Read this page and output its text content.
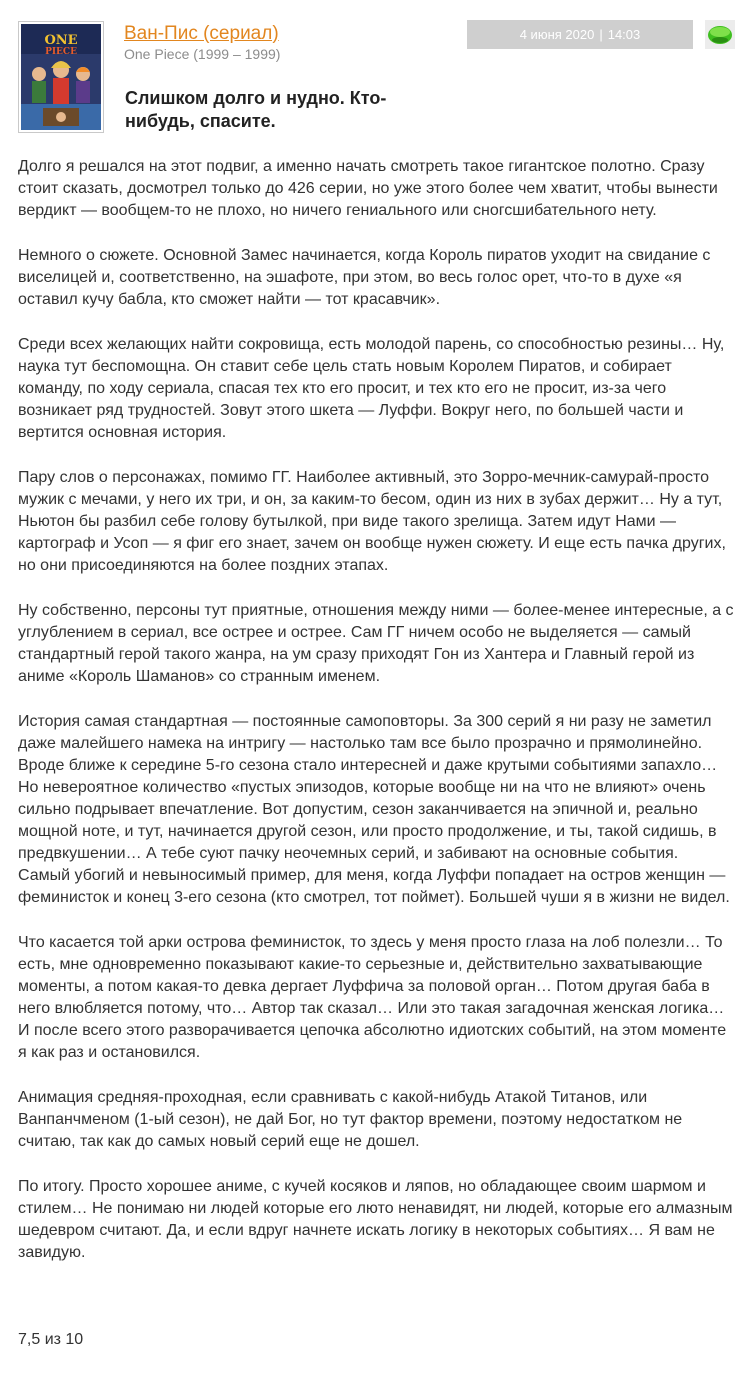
ONE
PIECE
Ван-Пис (сериал)
One Piece (1999 – 1999)
4 июня 2020 | 14:03
Слишком долго и нудно. Кто-нибудь, спасите.

Долго я решался на этот подвиг, а именно начать смотреть такое гигантское полотно. Сразу стоит сказать, досмотрел только до 426 серии, но уже этого более чем хватит, чтобы вынести вердикт — вообщем-то не плохо, но ничего гениального или сногсшибательного нету.

Немного о сюжете. Основной Замес начинается, когда Король пиратов уходит на свидание с виселицей и, соответственно, на эшафоте, при этом, во весь голос орет, что-то в духе «я оставил кучу бабла, кто сможет найти — тот красавчик».

Среди всех желающих найти сокровища, есть молодой парень, со способностью резины… Ну, наука тут беспомощна. Он ставит себе цель стать новым Королем Пиратов, и собирает команду, по ходу сериала, спасая тех кто его просит, и тех кто его не просит, из-за чего возникает ряд трудностей. Зовут этого шкета — Луффи. Вокруг него, по большей части и вертится основная история.

Пару слов о персонажах, помимо ГГ. Наиболее активный, это Зорро-мечник-самурай-просто мужик с мечами, у него их три, и он, за каким-то бесом, один из них в зубах держит… Ну а тут, Ньютон бы разбил себе голову бутылкой, при виде такого зрелища. Затем идут Нами — картограф и Усоп — я фиг его знает, зачем он вообще нужен сюжету. И еще есть пачка других, но они присоединяются на более поздних этапах.

Ну собственно, персоны тут приятные, отношения между ними — более-менее интересные, а с углублением в сериал, все острее и острее. Сам ГГ ничем особо не выделяется — самый стандартный герой такого жанра, на ум сразу приходят Гон из Хантера и Главный герой из аниме «Король Шаманов» со странным именем.

История самая стандартная — постоянные самоповторы. За 300 серий я ни разу не заметил даже малейшего намека на интригу — настолько там все было прозрачно и прямолинейно. Вроде ближе к середине 5-го сезона стало интересней и даже крутыми событиями запахло… Но невероятное количество «пустых эпизодов, которые вообще ни на что не влияют» очень сильно подрывает впечатление. Вот допустим, сезон заканчивается на эпичной и, реально мощной ноте, и тут, начинается другой сезон, или просто продолжение, и ты, такой сидишь, в предвкушении… А тебе суют пачку неочемных серий, и забивают на основные события. Самый убогий и невыносимый пример, для меня, когда Луффи попадает на остров женщин — феминисток и конец 3-его сезона (кто смотрел, тот поймет). Большей чуши я в жизни не видел.

Что касается той арки острова феминисток, то здесь у меня просто глаза на лоб полезли… То есть, мне одновременно показывают какие-то серьезные и, действительно захватывающие моменты, а потом какая-то девка дергает Луффича за половой орган… Потом другая баба в него влюбляется потому, что… Автор так сказал… Или это такая загадочная женская логика… И после всего этого разворачивается цепочка абсолютно идиотских событий, на этом моменте я как раз и остановился.

Анимация средняя-проходная, если сравнивать с какой-нибудь Атакой Титанов, или Ванпанчменом (1-ый сезон), не дай Бог, но тут фактор времени, поэтому недостатком не считаю, так как до самых новый серий еще не дошел.

По итогу. Просто хорошее аниме, с кучей косяков и ляпов, но обладающее своим шармом и стилем… Не понимаю ни людей которые его люто ненавидят, ни людей, которые его алмазным шедевром считают. Да, и если вдруг начнете искать логику в некоторых событиях… Я вам не завидую.

7,5 из 10
